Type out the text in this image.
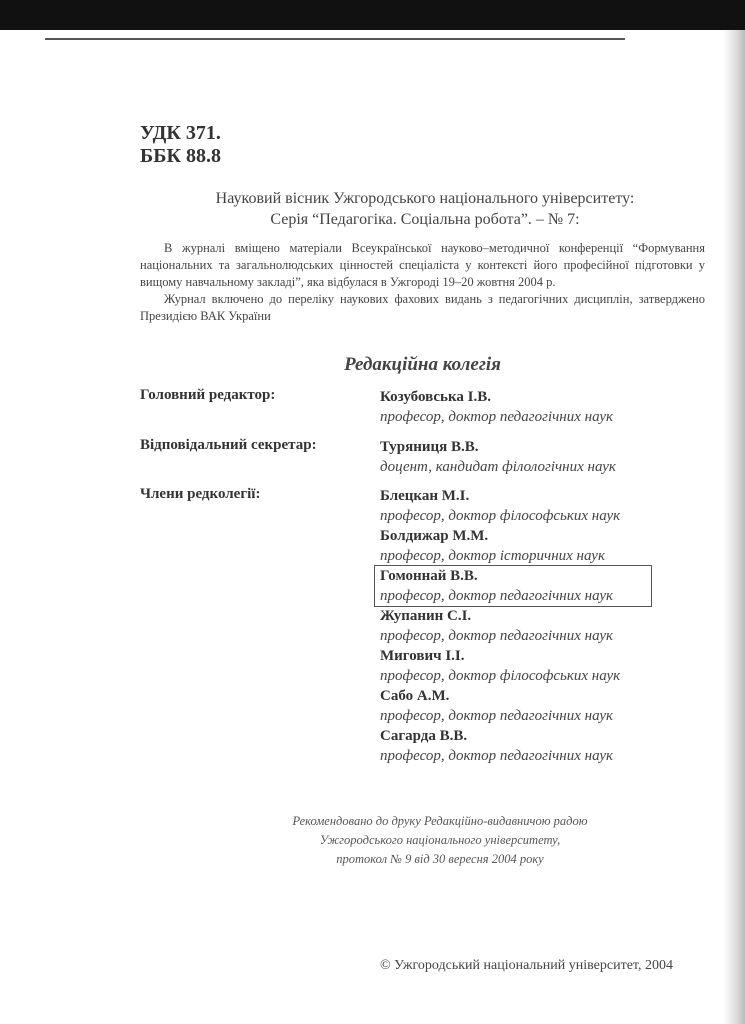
УДК 371.
ББК 88.8
Науковий вісник Ужгородського національного університету:
Серія “Педагогіка. Соціальна робота”. – № 7:

В журналі вміщено матеріали Всеукраїнської науково–методичної конференції “Формування національних та загальнолюдських цінностей спеціаліста у контексті його професійної підготовки у вищому навчальному закладі”, яка відбулася в Ужгороді 19–20 жовтня 2004 р.

Журнал включено до переліку наукових фахових видань з педагогічних дисциплін, затверджено Президією ВАК України

Редакційна колегія
Головний редактор:	Козубовська І.В.
професор, доктор педагогічних наук
Відповідальний секретар:	Туряниця В.В.
доцент, кандидат філологічних наук
Члени редколегії:	Блецкан М.І.
професор, доктор філософських наук
Болдижар М.М.
професор, доктор історичних наук
Гомоннай В.В.
професор, доктор педагогічних наук
Жупанин С.І.
професор, доктор педагогічних наук
Мигович І.І.
професор, доктор філософських наук
Сабо А.М.
професор, доктор педагогічних наук
Сагарда В.В.
професор, доктор педагогічних наук
Рекомендовано до друку Редакційно-видавничою радою
Ужгородського національного університету,
протокол № 9 від 30 вересня 2004 року
© Ужгородський національний університет, 2004
